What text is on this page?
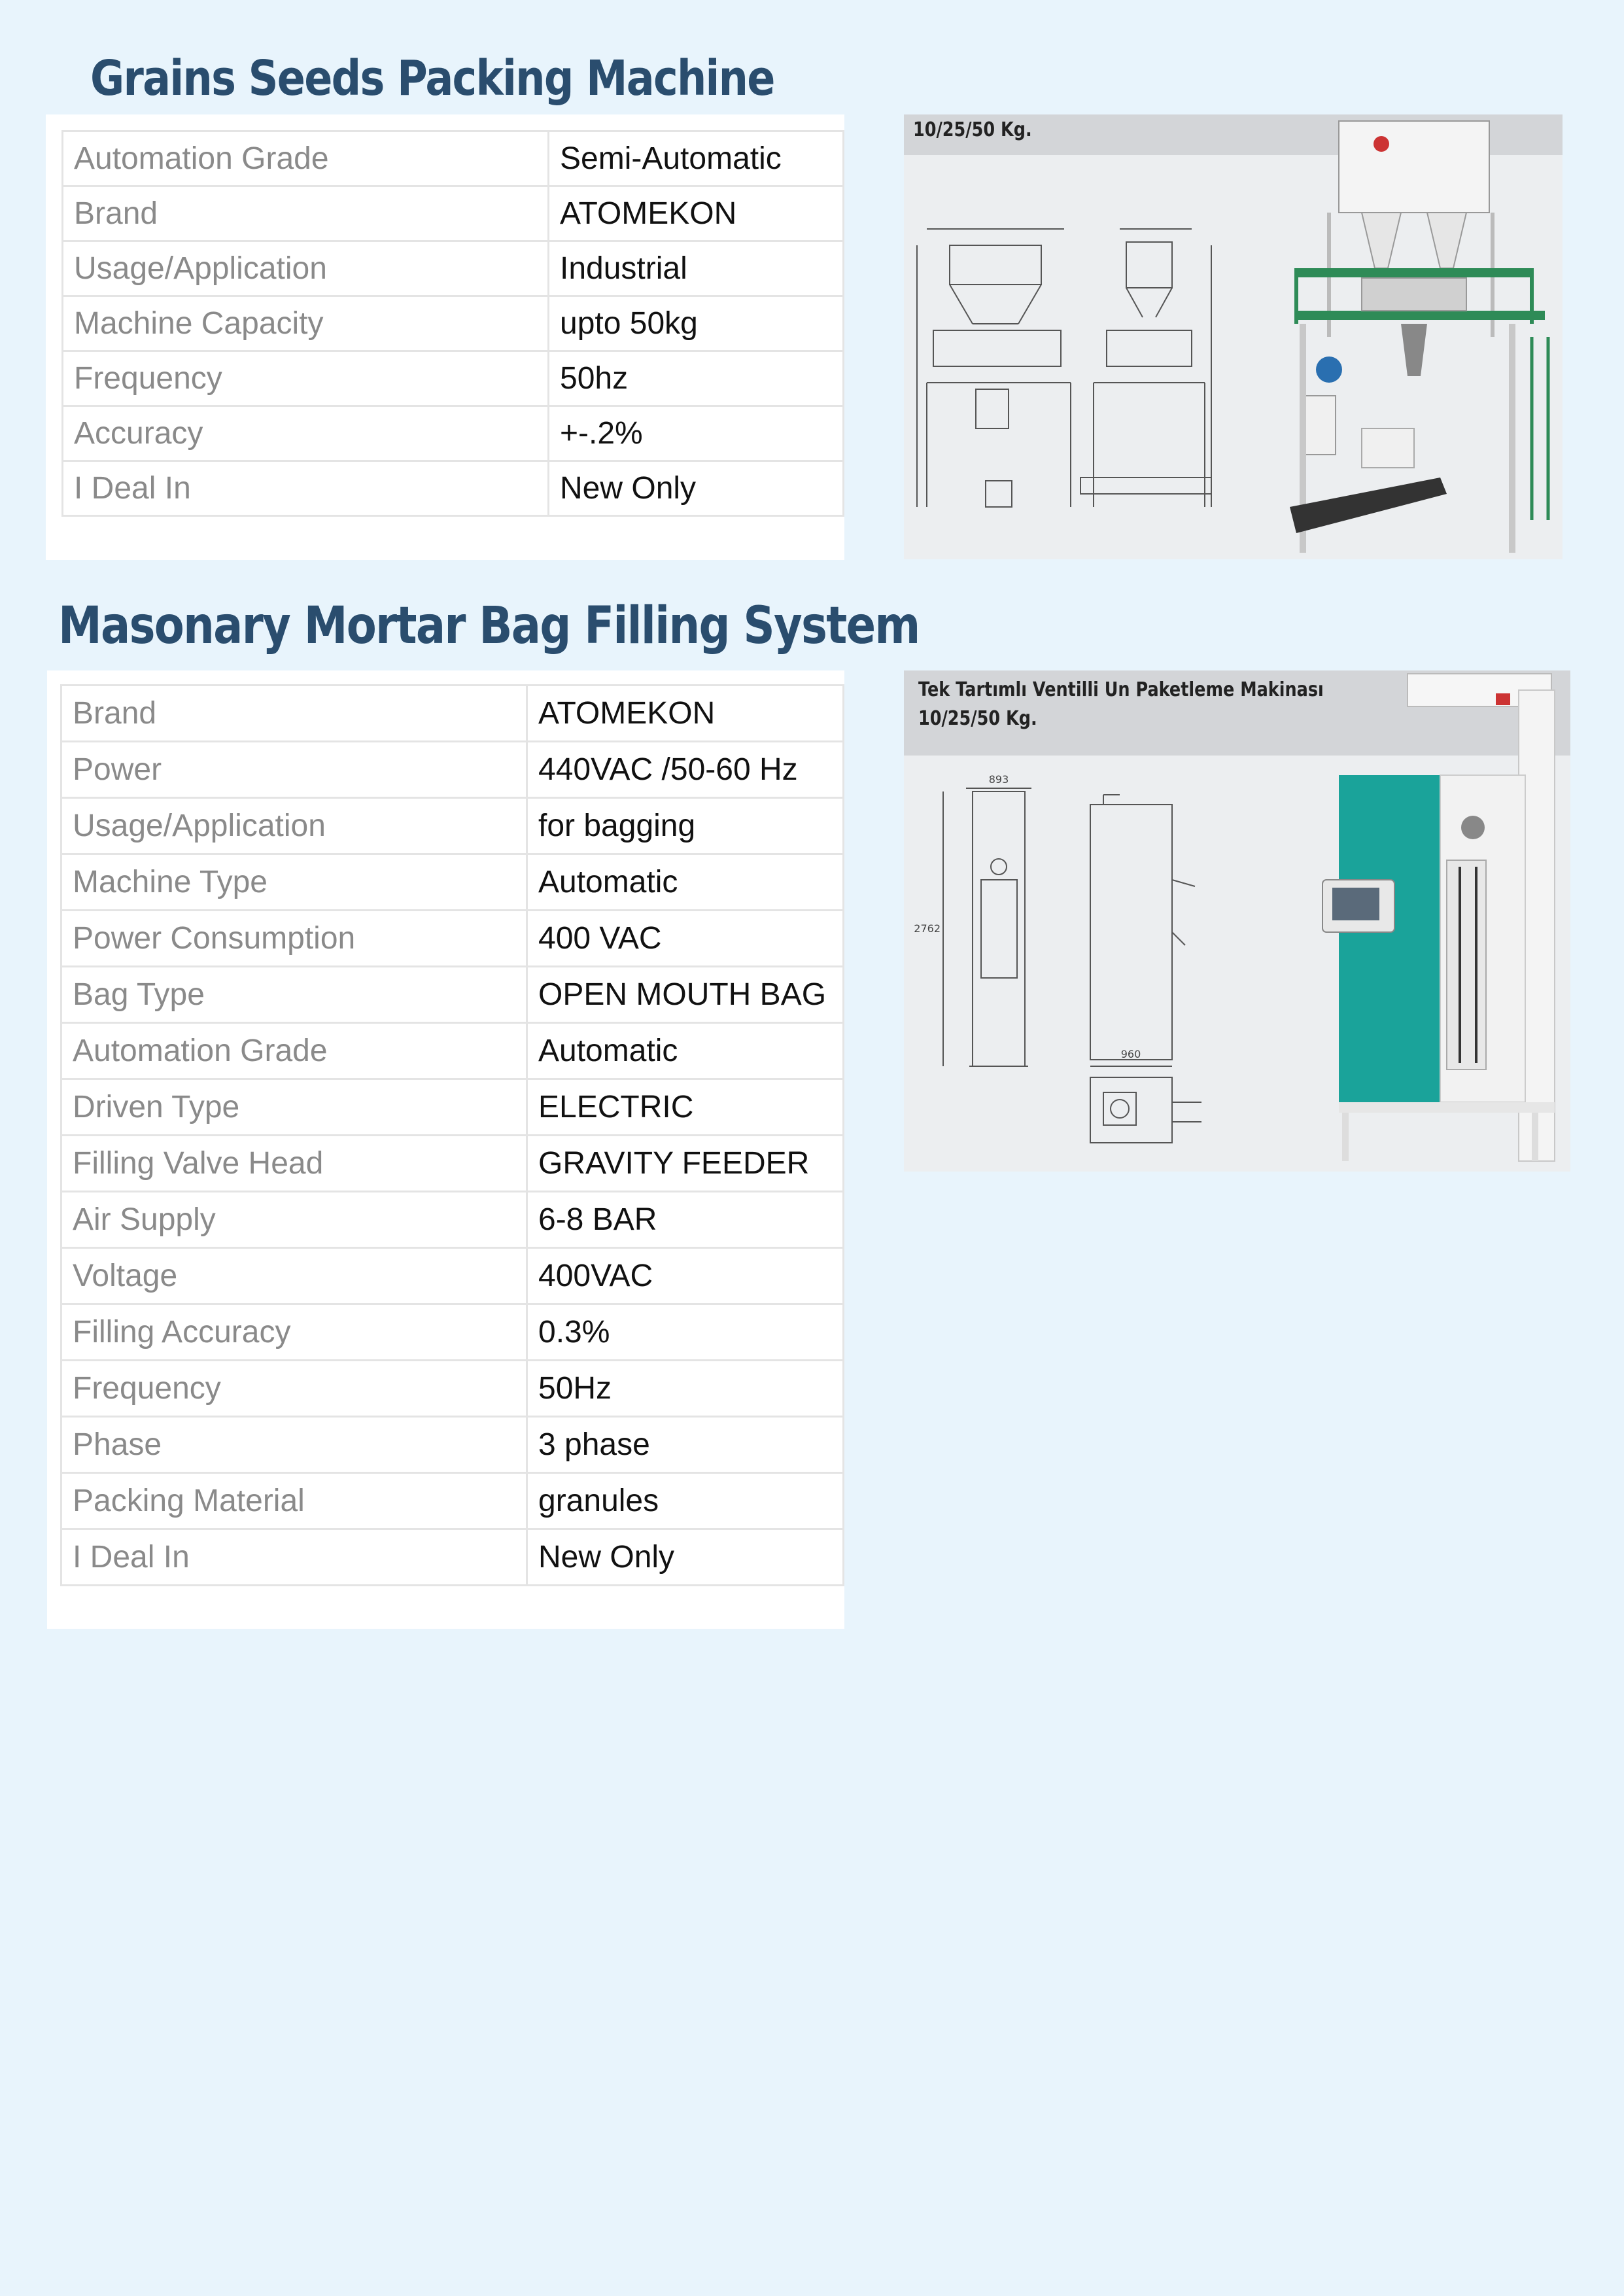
Grains Seeds Packing Machine
Automation Grade	Semi-Automatic
Brand	ATOMEKON
Usage/Application	Industrial
Machine Capacity	upto 50kg
Frequency	50hz
Accuracy	+-.2%
I Deal In	New Only

10/25/50 Kg.

Masonary Mortar Bag Filling System
Brand	ATOMEKON
Power	440VAC /50-60 Hz
Usage/Application	for bagging
Machine Type	Automatic
Power Consumption	400 VAC
Bag Type	OPEN MOUTH BAG
Automation Grade	Automatic
Driven Type	ELECTRIC
Filling Valve Head	GRAVITY FEEDER
Air Supply	6-8 BAR
Voltage	400VAC
Filling Accuracy	0.3%
Frequency	50Hz
Phase	3 phase
Packing Material	granules
I Deal In	New Only

Tek Tartımlı Ventilli Un Paketleme Makinası

10/25/50 Kg.

893
2762
960
